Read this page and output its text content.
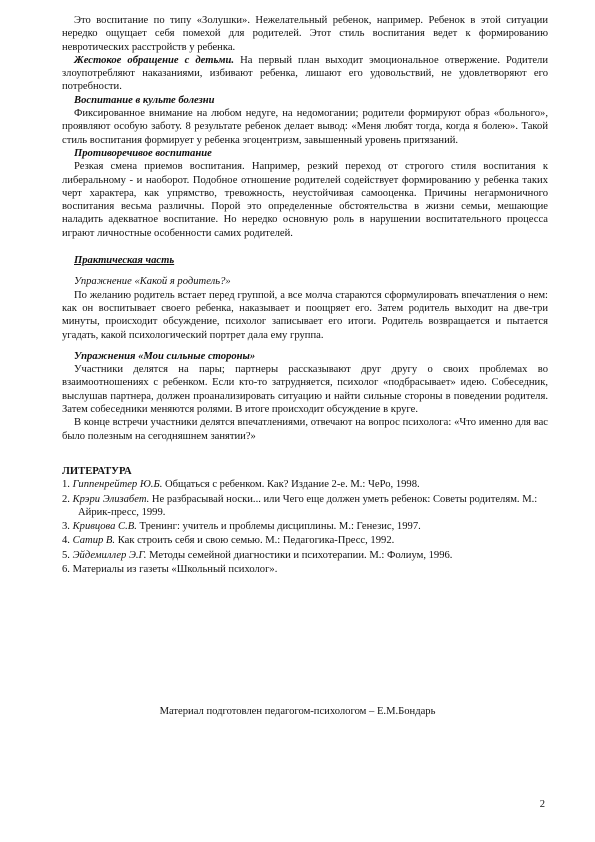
Это воспитание по типу «Золушки». Нежелательный ребенок, например. Ребенок в этой ситуации нередко ощущает себя помехой для родителей. Этот стиль воспитания ведет к формированию невротических расстройств у ребенка.

Жестокое обращение с детьми. На первый план выходит эмоциональное отвержение. Родители злоупотребляют наказаниями, избивают ребенка, лишают его удовольствий, не удовлетворяют его потребности.

Воспитание в культе болезни

Фиксированное внимание на любом недуге, на недомогании; родители формируют образ «больного», проявляют особую заботу. 8 результате ребенок делает вывод: «Меня любят тогда, когда я болею». Такой стиль воспитания формирует у ребенка эгоцентризм, завышенный уровень притязаний.

Противоречивое воспитание

Резкая смена приемов воспитания. Например, резкий переход от строгого стиля воспитания к либеральному - и наоборот. Подобное отношение родителей содействует формированию у ребенка таких черт характера, как упрямство, тревожность, неустойчивая самооценка. Причины негармоничного воспитания весьма различны. Порой это определенные обстоятельства в жизни семьи, мешающие наладить адекватное воспитание. Но нередко основную роль в нарушении воспитательного процесса играют личностные особенности самих родителей.

Практическая часть

Упражнение «Какой я родитель?»

По желанию родитель встает перед группой, а все молча стараются сформулировать впечатления о нем: как он воспитывает своего ребенка, наказывает и поощряет его. Затем родитель выходит на две-три минуты, происходит обсуждение, психолог записывает его итоги. Родитель возвращается и пытается угадать, какой психологический портрет дала ему группа.

Упражнения «Мои сильные стороны»

Участники делятся на пары; партнеры рассказывают друг другу о своих проблемах во взаимоотношениях с ребенком. Если кто-то затрудняется, психолог «подбрасывает» идею. Собеседник, выслушав партнера, должен проанализировать ситуацию и найти сильные стороны в поведении родителя. Затем собеседники меняются ролями. В итоге происходит обсуждение в круге.

В конце встречи участники делятся впечатлениями, отвечают на вопрос психолога: «Что именно для вас было полезным на сегодняшнем занятии?»

ЛИТЕРАТУРА

1. Гиппенрейтер Ю.Б. Общаться с ребенком. Как? Издание 2-е. М.: ЧеРо, 1998.
2. Крэри Элизабет. Не разбрасывай носки... или Чего еще должен уметь ребенок: Советы родителям. М.: Айрик-пресс, 1999.
3. Кривцова С.В. Тренинг: учитель и проблемы дисциплины. М.: Генезис, 1997.
4. Сатир В. Как строить себя и свою семью. М.: Педагогика-Пресс, 1992.
5. Эйдемиллер Э.Г. Методы семейной диагностики и психотерапии. М.: Фолиум, 1996.
6. Материалы из газеты «Школьный психолог».
Материал подготовлен педагогом-психологом – Е.М.Бондарь
2
